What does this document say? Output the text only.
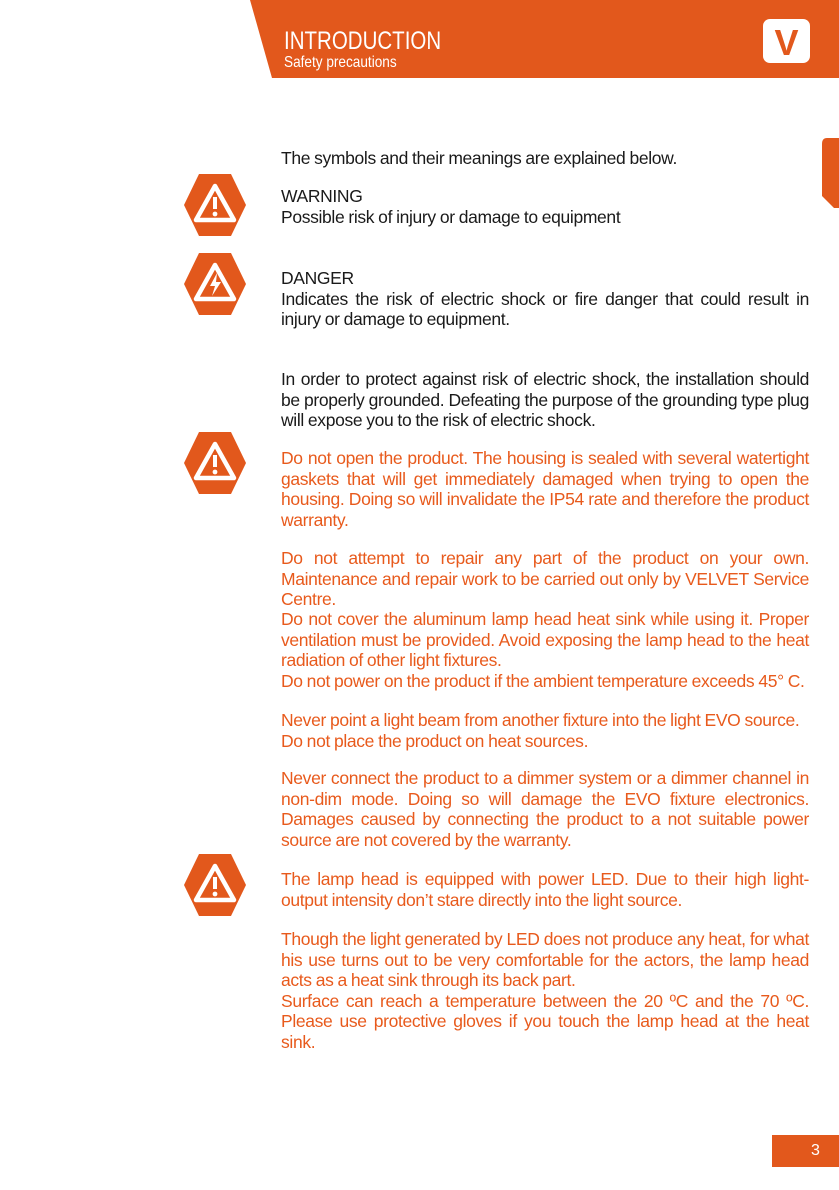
INTRODUCTION
Safety precautions	V
The symbols and their meanings are explained below.
WARNING
Possible risk of injury or damage to equipment
DANGER
Indicates the risk of electric shock or fire danger that could result in injury or damage to equipment.
In order to protect against risk of electric shock, the installation should be properly grounded. Defeating the purpose of the grounding type plug will expose you to the risk of electric shock.
Do not open the product. The housing is sealed with several watertight gaskets that will get immediately damaged when trying to open the housing. Doing so will invalidate the IP54 rate and therefore the product warranty.
Do not attempt to repair any part of the product on your own. Maintenance and repair work to be carried out only by VELVET Service Centre.
Do not cover the aluminum lamp head heat sink while using it. Proper ventilation must be provided. Avoid exposing the lamp head to the heat radiation of other light fixtures.
Do not power on the product if the ambient temperature exceeds 45° C.
Never point a light beam from another fixture into the light EVO source.
Do not place the product on heat sources.
Never connect the product to a dimmer system or a dimmer channel in non-dim mode. Doing so will damage the EVO fixture electronics. Damages caused by connecting the product to a not suitable power source are not covered by the warranty.
The lamp head is equipped with power LED. Due to their high light-output intensity don’t stare directly into the light source.
Though the light generated by LED does not produce any heat, for what his use turns out to be very comfortable for the actors, the lamp head acts as a heat sink through its back part.
Surface can reach a temperature between the 20 ºC and the 70 ºC. Please use protective gloves if you touch the lamp head at the heat sink.
3
